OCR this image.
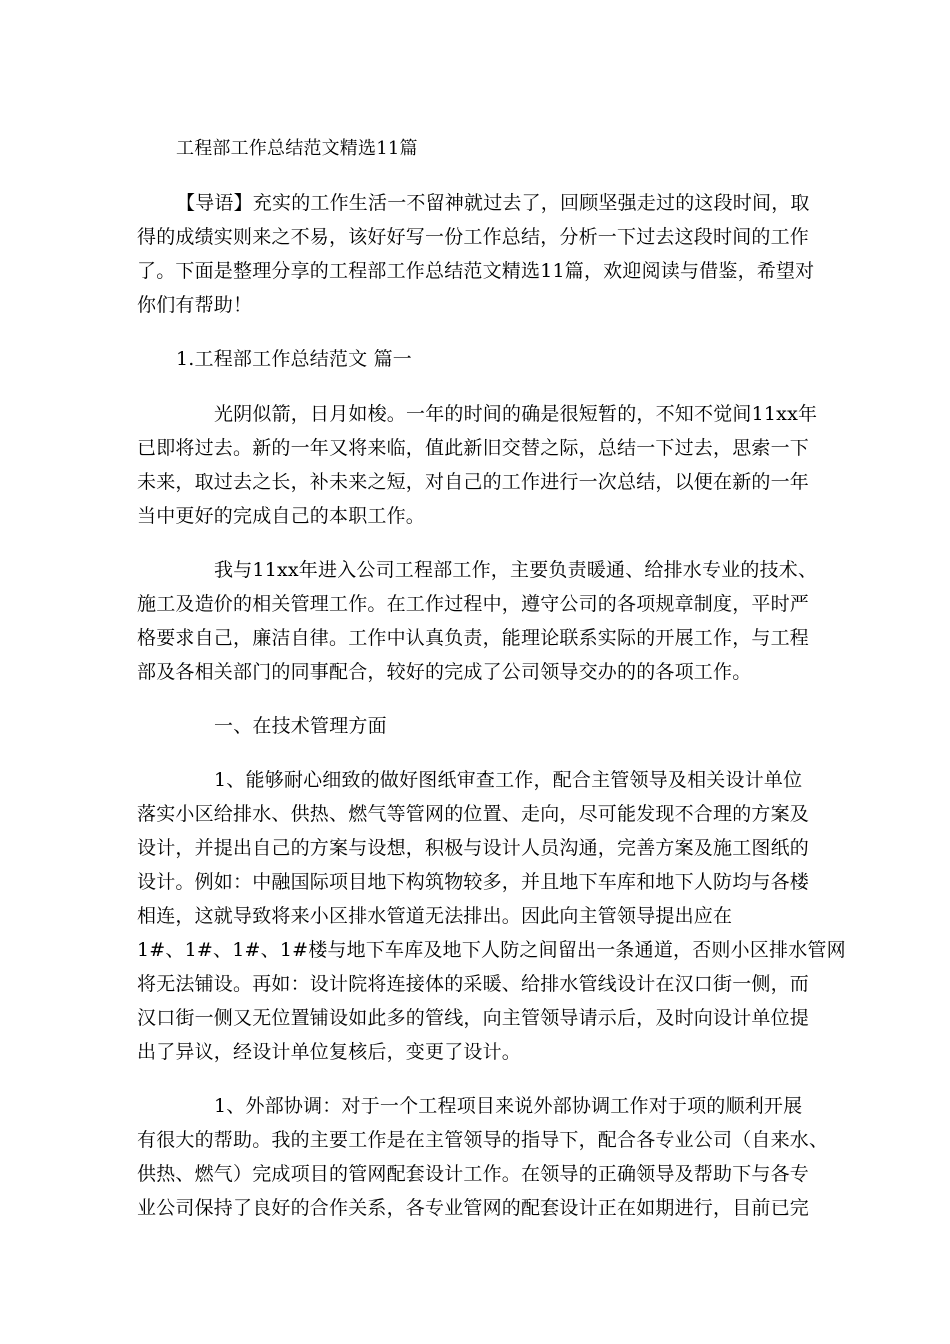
工程部工作总结范文精选11篇
【导语】充实的工作生活一不留神就过去了，回顾坚强走过的这段时间，取
得的成绩实则来之不易，该好好写一份工作总结，分析一下过去这段时间的工作
了。下面是整理分享的工程部工作总结范文精选11篇，欢迎阅读与借鉴，希望对
你们有帮助！
1.工程部工作总结范文 篇一
光阴似箭，日月如梭。一年的时间的确是很短暂的，不知不觉间11xx年
已即将过去。新的一年又将来临，值此新旧交替之际，总结一下过去，思索一下
未来，取过去之长，补未来之短，对自己的工作进行一次总结，以便在新的一年
当中更好的完成自己的本职工作。
我与11xx年进入公司工程部工作，主要负责暖通、给排水专业的技术、
施工及造价的相关管理工作。在工作过程中，遵守公司的各项规章制度，平时严
格要求自己，廉洁自律。工作中认真负责，能理论联系实际的开展工作，与工程
部及各相关部门的同事配合，较好的完成了公司领导交办的的各项工作。
一、在技术管理方面
1、能够耐心细致的做好图纸审查工作，配合主管领导及相关设计单位
落实小区给排水、供热、燃气等管网的位置、走向，尽可能发现不合理的方案及
设计，并提出自己的方案与设想，积极与设计人员沟通，完善方案及施工图纸的
设计。例如：中融国际项目地下构筑物较多，并且地下车库和地下人防均与各楼
相连，这就导致将来小区排水管道无法排出。因此向主管领导提出应在
1#、1#、1#、1#楼与地下车库及地下人防之间留出一条通道，否则小区排水管网
将无法铺设。再如：设计院将连接体的采暖、给排水管线设计在汉口街一侧，而
汉口街一侧又无位置铺设如此多的管线，向主管领导请示后，及时向设计单位提
出了异议，经设计单位复核后，变更了设计。
1、外部协调：对于一个工程项目来说外部协调工作对于项的顺利开展
有很大的帮助。我的主要工作是在主管领导的指导下，配合各专业公司（自来水、
供热、燃气）完成项目的管网配套设计工作。在领导的正确领导及帮助下与各专
业公司保持了良好的合作关系，各专业管网的配套设计正在如期进行，目前已完
